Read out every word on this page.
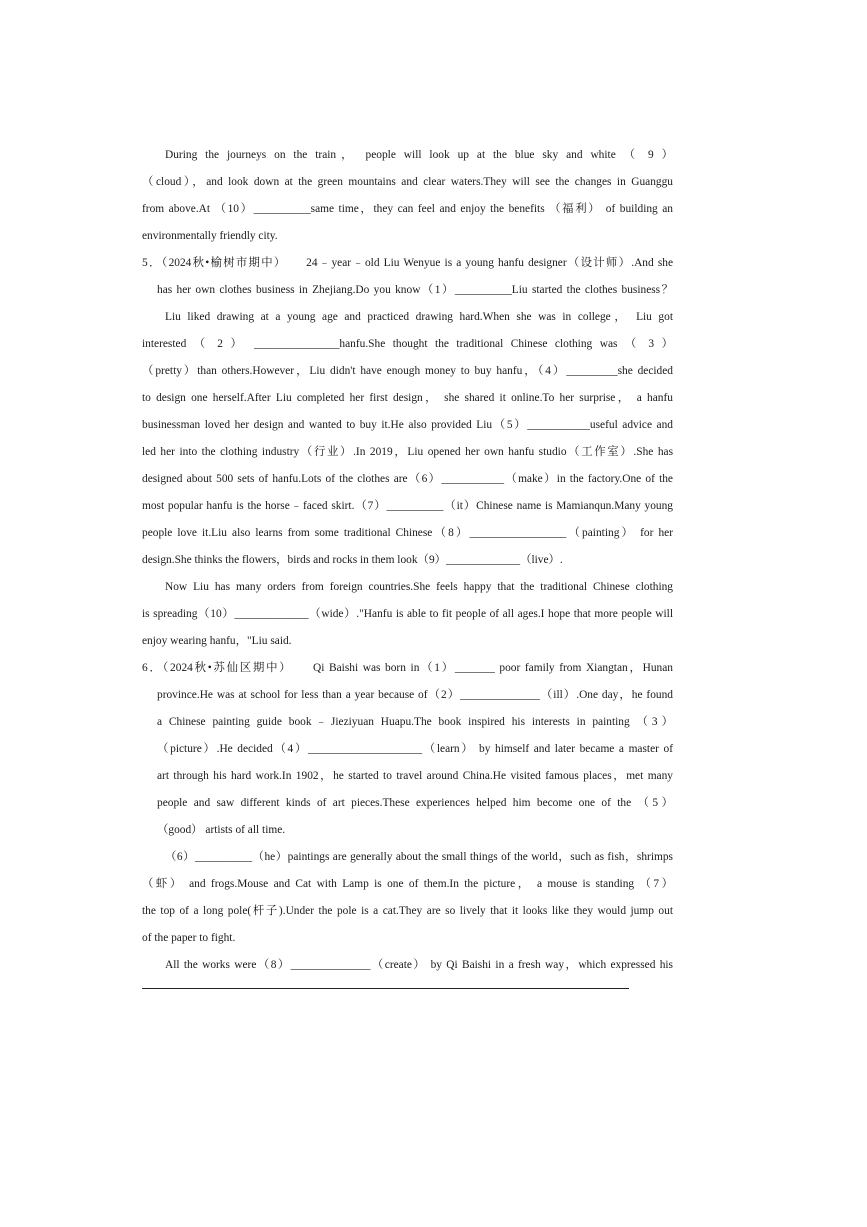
During the journeys on the train， people will look up at the blue sky and white （ 9 ）
（cloud），and look down at the green mountains and clear waters.They will see the changes in Guanggu
from above.At （10）__________same time，they can feel and enjoy the benefits （福利） of building an
environmentally friendly city.
5．（2024秋•榆树市期中）　　24﹣year﹣old Liu Wenyue is a young hanfu designer（设计师）.And she
has her own clothes business in Zhejiang.Do you know（1）__________Liu started the clothes business？
Liu liked drawing at a young age and practiced drawing hard.When she was in college， Liu got
interested （ 2 ） _______________hanfu.She thought the traditional Chinese clothing was （ 3 ）
（pretty）than others.However，Liu didn't have enough money to buy hanfu，（4）_________she decided
to design one herself.After Liu completed her first design， she shared it online.To her surprise， a hanfu
businessman loved her design and wanted to buy it.He also provided Liu（5）___________useful advice and
led her into the clothing industry（行业）.In 2019，Liu opened her own hanfu studio（工作室）.She has
designed about 500 sets of hanfu.Lots of the clothes are（6）___________（make）in the factory.One of the
most popular hanfu is the horse﹣faced skirt.（7）__________（it）Chinese name is Mamianqun.Many young
people love it.Liu also learns from some traditional Chinese（8）_________________（painting） for her
design.She thinks the flowers，birds and rocks in them look（9）_____________（live）.
Now Liu has many orders from foreign countries.She feels happy that the traditional Chinese clothing
is spreading（10）_____________（wide）."Hanfu is able to fit people of all ages.I hope that more people will
enjoy wearing hanfu，"Liu said.
6．（2024秋•苏仙区期中）　　Qi Baishi was born in（1）_______ poor family from Xiangtan，Hunan
province.He was at school for less than a year because of（2）______________（ill）.One day，he found
a Chinese painting guide book﹣Jieziyuan Huapu.The book inspired his interests in painting （3）
（picture）.He decided（4）____________________（learn） by himself and later became a master of
art through his hard work.In 1902，he started to travel around China.He visited famous places，met many
people and saw different kinds of art pieces.These experiences helped him become one of the （5）
（good） artists of all time.
（6）__________（he）paintings are generally about the small things of the world，such as fish，shrimps
（虾） and frogs.Mouse and Cat with Lamp is one of them.In the picture， a mouse is standing （7）
the top of a long pole(杆子).Under the pole is a cat.They are so lively that it looks like they would jump out
of the paper to fight.
All the works were（8）______________（create） by Qi Baishi in a fresh way，which expressed his
